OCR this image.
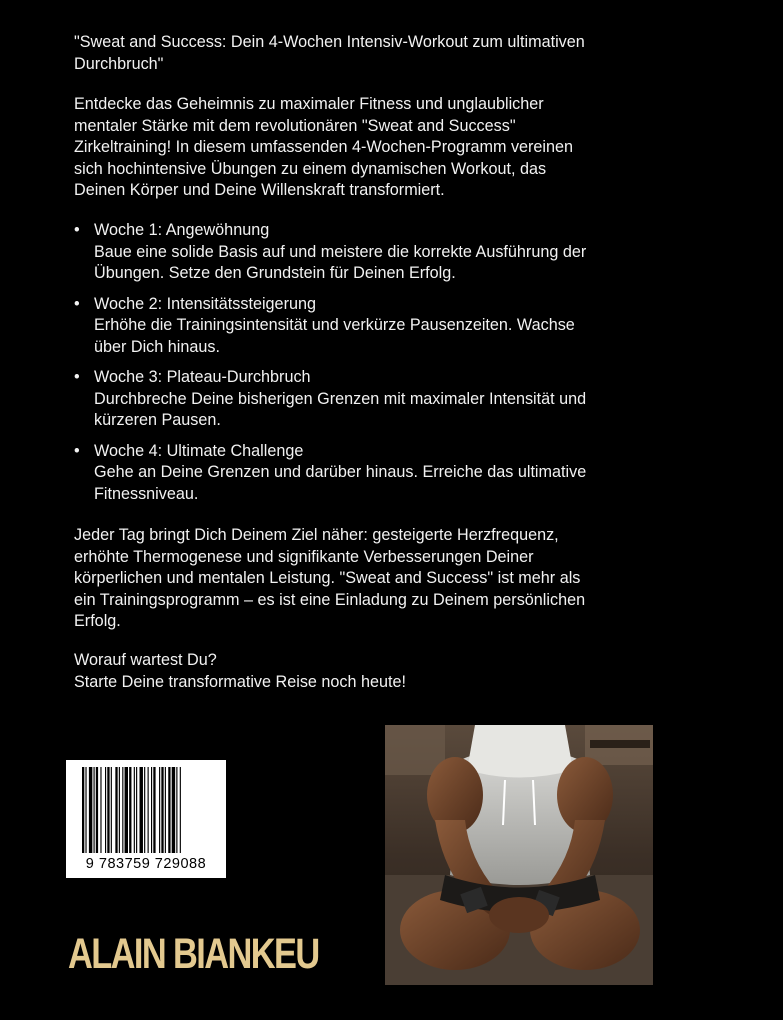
"Sweat and Success: Dein 4-Wochen Intensiv-Workout zum ultimativen
Durchbruch"
Entdecke das Geheimnis zu maximaler Fitness und unglaublicher
mentaler Stärke mit dem revolutionären "Sweat and Success"
Zirkeltraining! In diesem umfassenden 4-Wochen-Programm vereinen
sich hochintensive Übungen zu einem dynamischen Workout, das
Deinen Körper und Deine Willenskraft transformiert.
• Woche 1: Angewöhnung
Baue eine solide Basis auf und meistere die korrekte Ausführung der
Übungen. Setze den Grundstein für Deinen Erfolg.
• Woche 2: Intensitätssteigerung
Erhöhe die Trainingsintensität und verkürze Pausenzeiten. Wachse
über Dich hinaus.
• Woche 3: Plateau-Durchbruch
Durchbreche Deine bisherigen Grenzen mit maximaler Intensität und
kürzeren Pausen.
• Woche 4: Ultimate Challenge
Gehe an Deine Grenzen und darüber hinaus. Erreiche das ultimative
Fitnessniveau.
Jeder Tag bringt Dich Deinem Ziel näher: gesteigerte Herzfrequenz,
erhöhte Thermogenese und signifikante Verbesserungen Deiner
körperlichen und mentalen Leistung. "Sweat and Success" ist mehr als
ein Trainingsprogramm – es ist eine Einladung zu Deinem persönlichen
Erfolg.
Worauf wartest Du?
Starte Deine transformative Reise noch heute!
9 783759 729088
ALAIN BIANKEU
